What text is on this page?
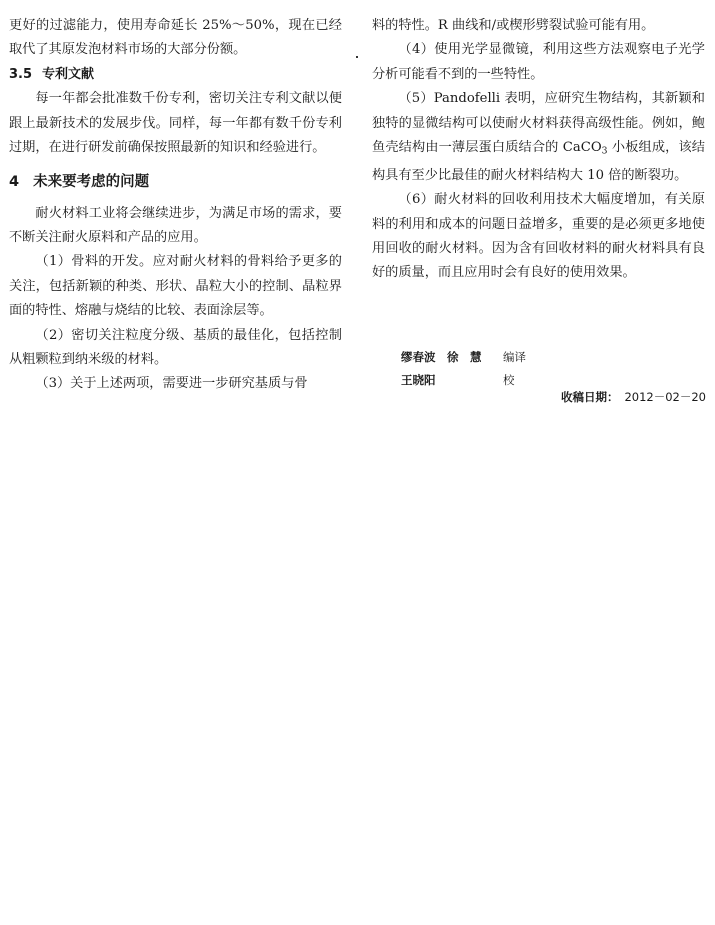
更好的过滤能力，使用寿命延长 25%～50%，现在已经取代了其原发泡材料市场的大部分份额。

3.5 专利文献

每一年都会批准数千份专利，密切关注专利文献以便跟上最新技术的发展步伐。同样，每一年都有数千份专利过期，在进行研发前确保按照最新的知识和经验进行。

4 未来要考虑的问题

耐火材料工业将会继续进步，为满足市场的需求，要不断关注耐火原料和产品的应用。

（1）骨料的开发。应对耐火材料的骨料给予更多的关注，包括新颖的种类、形状、晶粒大小的控制、晶粒界面的特性、熔融与烧结的比较、表面涂层等。

（2）密切关注粒度分级、基质的最佳化，包括控制从粗颗粒到纳米级的材料。

（3）关于上述两项，需要进一步研究基质与骨

料的特性。R 曲线和/或楔形劈裂试验可能有用。

（4）使用光学显微镜，利用这些方法观察电子光学分析可能看不到的一些特性。

（5）Pandofelli 表明，应研究生物结构，其新颖和独特的显微结构可以使耐火材料获得高级性能。例如，鲍鱼壳结构由一薄层蛋白质结合的 CaCO$_3$ 小板组成，该结构具有至少比最佳的耐火材料结构大 10 倍的断裂功。

（6）耐火材料的回收利用技术大幅度增加，有关原料的利用和成本的问题日益增多，重要的是必须更多地使用回收的耐火材料。因为含有回收材料的耐火材料具有良好的质量，而且应用时会有良好的使用效果。

缪春波　徐　慧	编译
王晓阳	校
收稿日期： 2012－02－20
